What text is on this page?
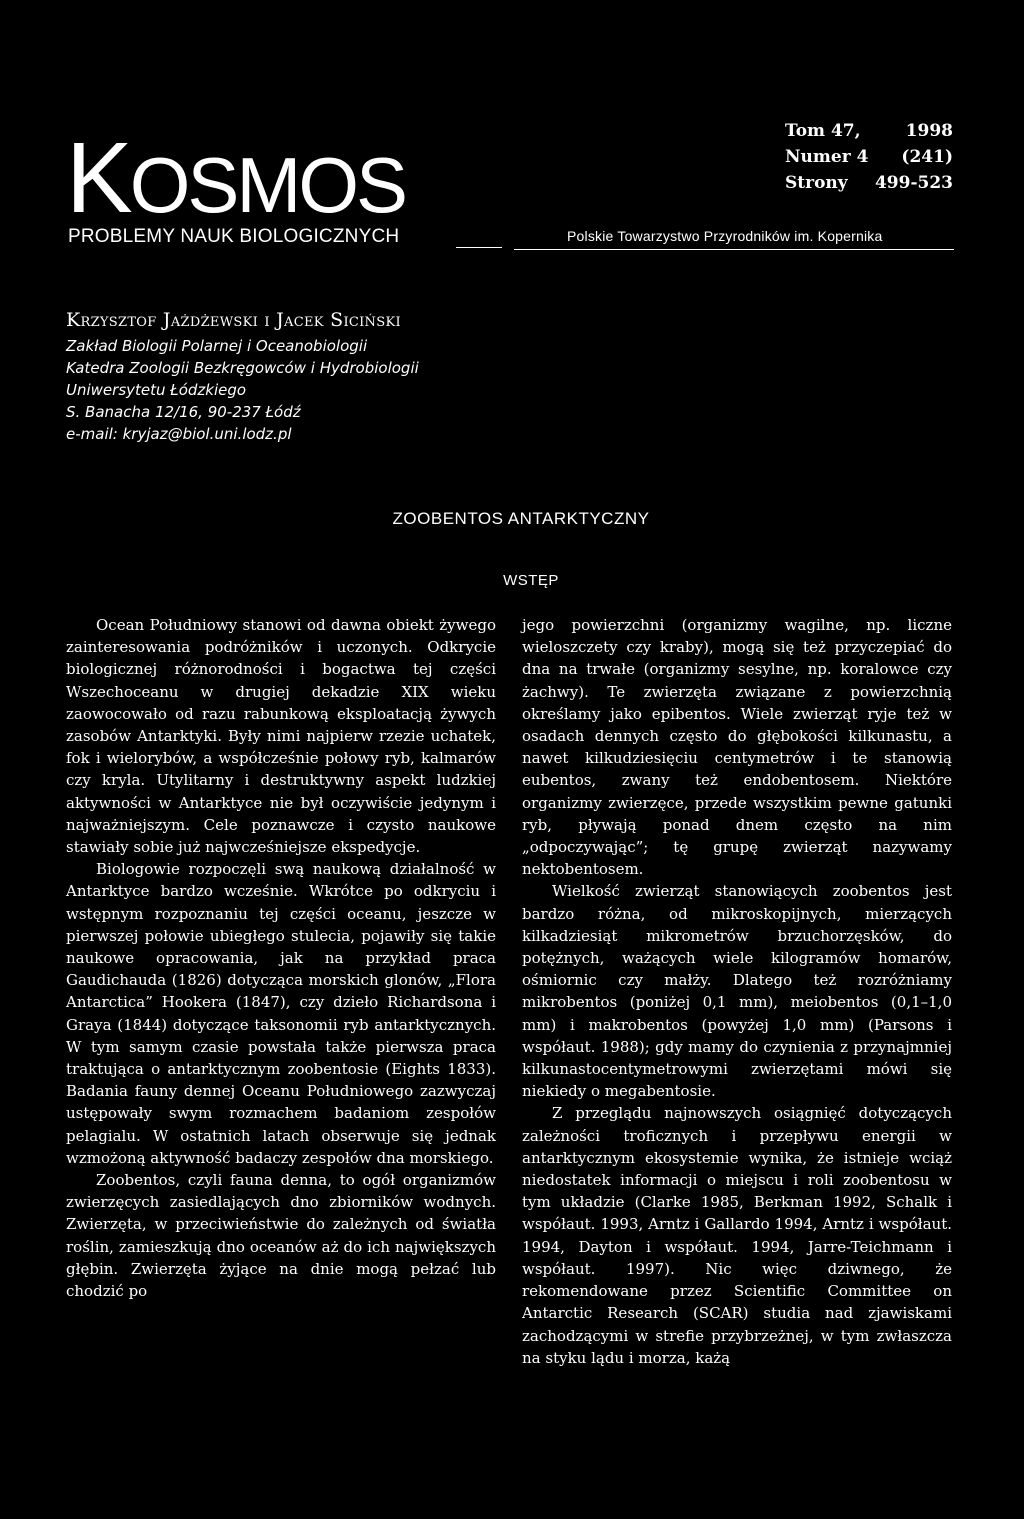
KOSMOS
PROBLEMY NAUK BIOLOGICZNYCH
Tom 47,	1998
Numer 4	(241)
Strony	499-523
Polskie Towarzystwo Przyrodników im. Kopernika
Krzysztof Jażdżewski i Jacek Siciński
Zakład Biologii Polarnej i Oceanobiologii
Katedra Zoologii Bezkręgowców i Hydrobiologii
Uniwersytetu Łódzkiego
S. Banacha 12/16, 90-237 Łódź
e-mail: kryjaz@biol.uni.lodz.pl
ZOOBENTOS ANTARKTYCZNY
WSTĘP

Ocean Południowy stanowi od dawna obiekt żywego zainteresowania podróżników i uczonych. Odkrycie biologicznej różnorodności i bogactwa tej części Wszechoceanu w drugiej dekadzie XIX wieku zaowocowało od razu rabunkową eksploatacją żywych zasobów Antarktyki. Były nimi najpierw rzezie uchatek, fok i wielorybów, a współcześnie połowy ryb, kalmarów czy kryla. Utylitarny i destruktywny aspekt ludzkiej aktywności w Antarktyce nie był oczywiście jedynym i najważniejszym. Cele poznawcze i czysto naukowe stawiały sobie już najwcześniejsze ekspedycje.

Biologowie rozpoczęli swą naukową działalność w Antarktyce bardzo wcześnie. Wkrótce po odkryciu i wstępnym rozpoznaniu tej części oceanu, jeszcze w pierwszej połowie ubiegłego stulecia, pojawiły się takie naukowe opracowania, jak na przykład praca Gaudichauda (1826) dotycząca morskich glonów, „Flora Antarctica” Hookera (1847), czy dzieło Richardsona i Graya (1844) dotyczące taksonomii ryb antarktycznych. W tym samym czasie powstała także pierwsza praca traktująca o antarktycznym zoobentosie (Eights 1833). Badania fauny dennej Oceanu Południowego zazwyczaj ustępowały swym rozmachem badaniom zespołów pelagialu. W ostatnich latach obserwuje się jednak wzmożoną aktywność badaczy zespołów dna morskiego.

Zoobentos, czyli fauna denna, to ogół organizmów zwierzęcych zasiedlających dno zbiorników wodnych. Zwierzęta, w przeciwieństwie do zależnych od światła roślin, zamieszkują dno oceanów aż do ich największych głębin. Zwierzęta żyjące na dnie mogą pełzać lub chodzić po

jego powierzchni (organizmy wagilne, np. liczne wieloszczety czy kraby), mogą się też przyczepiać do dna na trwałe (organizmy sesylne, np. koralowce czy żachwy). Te zwierzęta związane z powierzchnią określamy jako epibentos. Wiele zwierząt ryje też w osadach dennych często do głębokości kilkunastu, a nawet kilkudziesięciu centymetrów i te stanowią eubentos, zwany też endobentosem. Niektóre organizmy zwierzęce, przede wszystkim pewne gatunki ryb, pływają ponad dnem często na nim „odpoczywając”; tę grupę zwierząt nazywamy nektobentosem.

Wielkość zwierząt stanowiących zoobentos jest bardzo różna, od mikroskopijnych, mierzących kilkadziesiąt mikrometrów brzuchorzęsków, do potężnych, ważących wiele kilogramów homarów, ośmiornic czy małży. Dlatego też rozróżniamy mikrobentos (poniżej 0,1 mm), meiobentos (0,1–1,0 mm) i makrobentos (powyżej 1,0 mm) (Parsons i współaut. 1988); gdy mamy do czynienia z przynajmniej kilkunastocentymetrowymi zwierzętami mówi się niekiedy o megabentosie.

Z przeglądu najnowszych osiągnięć dotyczących zależności troficznych i przepływu energii w antarktycznym ekosystemie wynika, że istnieje wciąż niedostatek informacji o miejscu i roli zoobentosu w tym układzie (Clarke 1985, Berkman 1992, Schalk i współaut. 1993, Arntz i Gallardo 1994, Arntz i współaut. 1994, Dayton i współaut. 1994, Jarre-Teichmann i współaut. 1997). Nic więc dziwnego, że rekomendowane przez Scientific Committee on Antarctic Research (SCAR) studia nad zjawiskami zachodzącymi w strefie przybrzeżnej, w tym zwłaszcza na styku lądu i morza, każą
